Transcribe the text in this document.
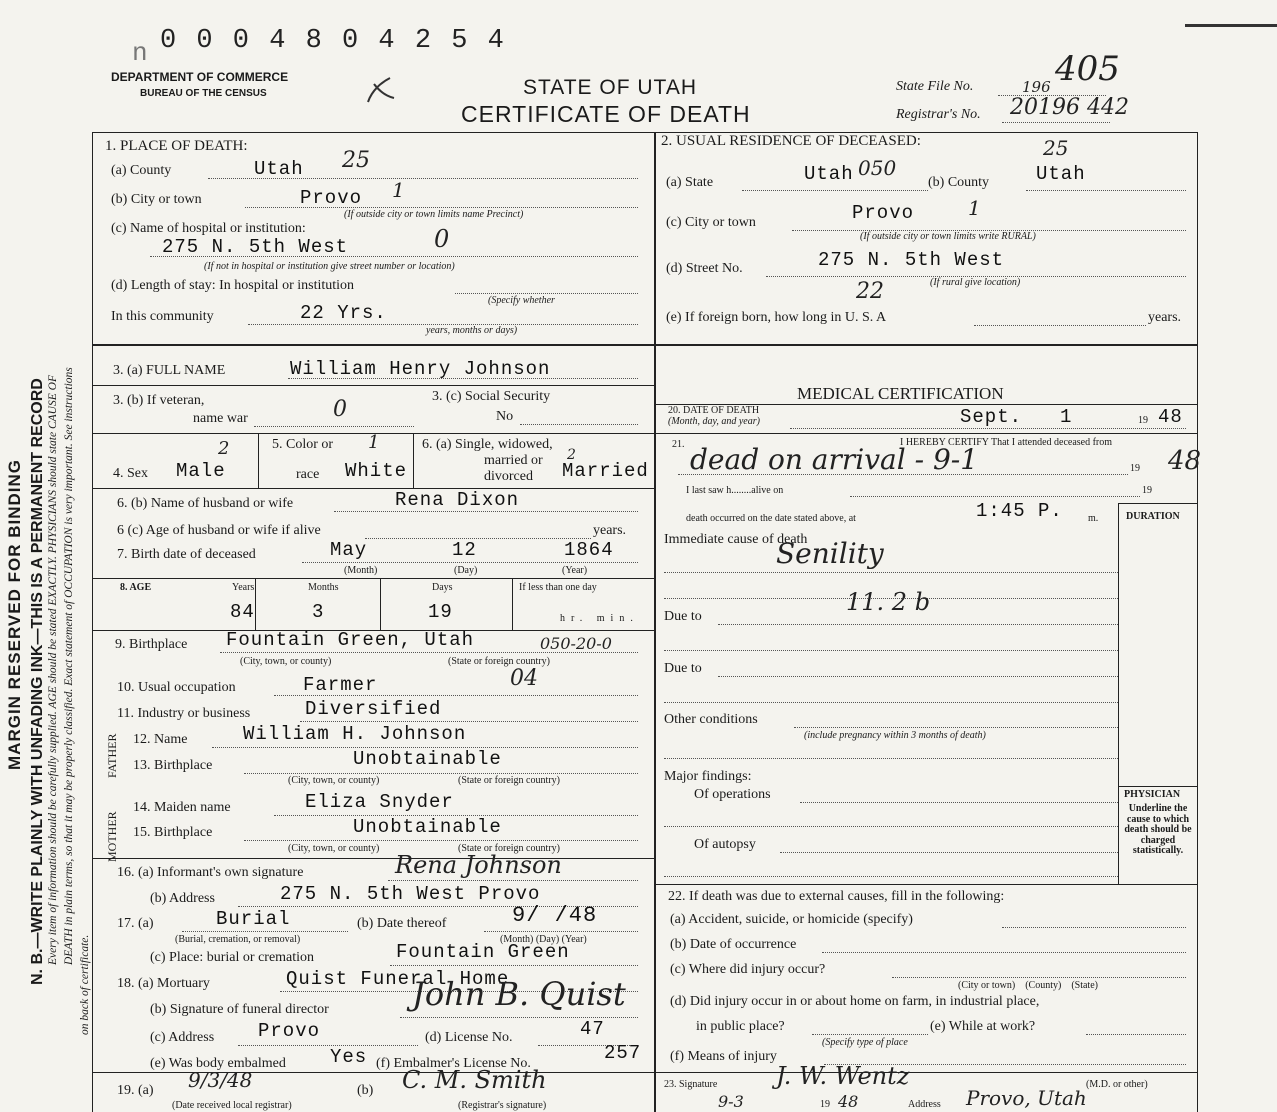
MARGIN RESERVED FOR BINDING N. B.—WRITE PLAINLY WITH UNFADING INK—THIS IS A PERMANENT RECORD Every item of information should be carefully supplied. AGE should be stated EXACTLY. PHYSICIANS should state CAUSE OF DEATH in plain terms, so that it may be properly classified. Exact statement of OCCUPATION is very important. See instructions
on back of certificate.
n 0 0 0 4 8 0 4 2 5 4
DEPARTMENT OF COMMERCE
BUREAU OF THE CENSUS	STATE OF UTAH
CERTIFICATE OF DEATH
State File No.	196 405
Registrar's No. 20196 442
1. PLACE OF DEATH:
(a) County	Utah 25
(b) City or town	Provo 1
(If outside city or town limits name Precinct)
(c) Name of hospital or institution:
275 N. 5th West	0
(If not in hospital or institution give street number or location)
(d) Length of stay: In hospital or institution
(Specify whether
In this community	22 Yrs.
years, months or days)
2. USUAL RESIDENCE OF DECEASED:
(a) State	Utah 050
(b) County Utah
25
(c) City or town	Provo	1
(If outside city or town limits write RURAL)
(d) Street No.	275 N. 5th West
(If rural give location)
22
(e) If foreign born, how long in U. S. A	years.
3. (a) FULL NAME	William Henry Johnson
3. (b) If veteran,
name war	0
3. (c) Social Security
No
4. Sex Male
2	5. Color or 1
race White
6. (a) Single, widowed,
married or
divorced Married
2
6. (b) Name of husband or wife	Rena Dixon
6 (c) Age of husband or wife if alive	years.
7. Birth date of deceased	May	12	1864
(Month)	(Day)	(Year)
8. AGE	Years	Months	Days	If less than one day
84	3	19	hr. min.
9. Birthplace Fountain Green, Utah	050-20-0
(City, town, or county)	(State or foreign country)
10. Usual occupation	Farmer	04
11. Industry or business	Diversified
FATHER
MOTHER
12. Name	William H. Johnson
13. Birthplace	Unobtainable
(City, town, or county)	(State or foreign country)
14. Maiden name	Eliza Snyder
15. Birthplace	Unobtainable
(City, town, or county)	(State or foreign country)
16. (a) Informant's own signature	Rena Johnson
(b) Address	275 N. 5th West Provo
17. (a)	Burial
(Burial, cremation, or removal)
(b) Date thereof	9/ /48
(Month) (Day) (Year)
(c) Place: burial or cremation	Fountain Green
18. (a) Mortuary	Quist Funeral Home
(b) Signature of funeral director	John B. Quist
(c) Address Provo	(d) License No.	47
(e) Was body embalmed Yes (f) Embalmer's License No.	257
19. (a) 9/3/48
(Date received local registrar)
(b) C. M. Smith
(Registrar's signature)
MEDICAL CERTIFICATION
20. DATE OF DEATH
(Month, day, and year)	Sept. 1	19 48
21.	I HEREBY CERTIFY That I attended deceased from
dead on arrival - 9-1	19 48
I last saw h........alive on	19
death occurred on the date stated above, at	1:45 P.	m.	DURATION
Immediate cause of death
Senility
Due to
11. 2 b
Due to
Other conditions
(include pregnancy within 3 months of death)
Major findings:
Of operations
Of autopsy
PHYSICIAN
Underline the cause to which death should be charged statistically.
22. If death was due to external causes, fill in the following:
(a) Accident, suicide, or homicide (specify)
(b) Date of occurrence
(c) Where did injury occur?
(City or town)    (County)    (State)
(d) Did injury occur in or about home on farm, in industrial place,
in public place?	(e) While at work?
(Specify type of place
(f) Means of injury
23. Signature J. W. Wentz	(M.D. or other)
9-3	19 48	Address Provo, Utah
